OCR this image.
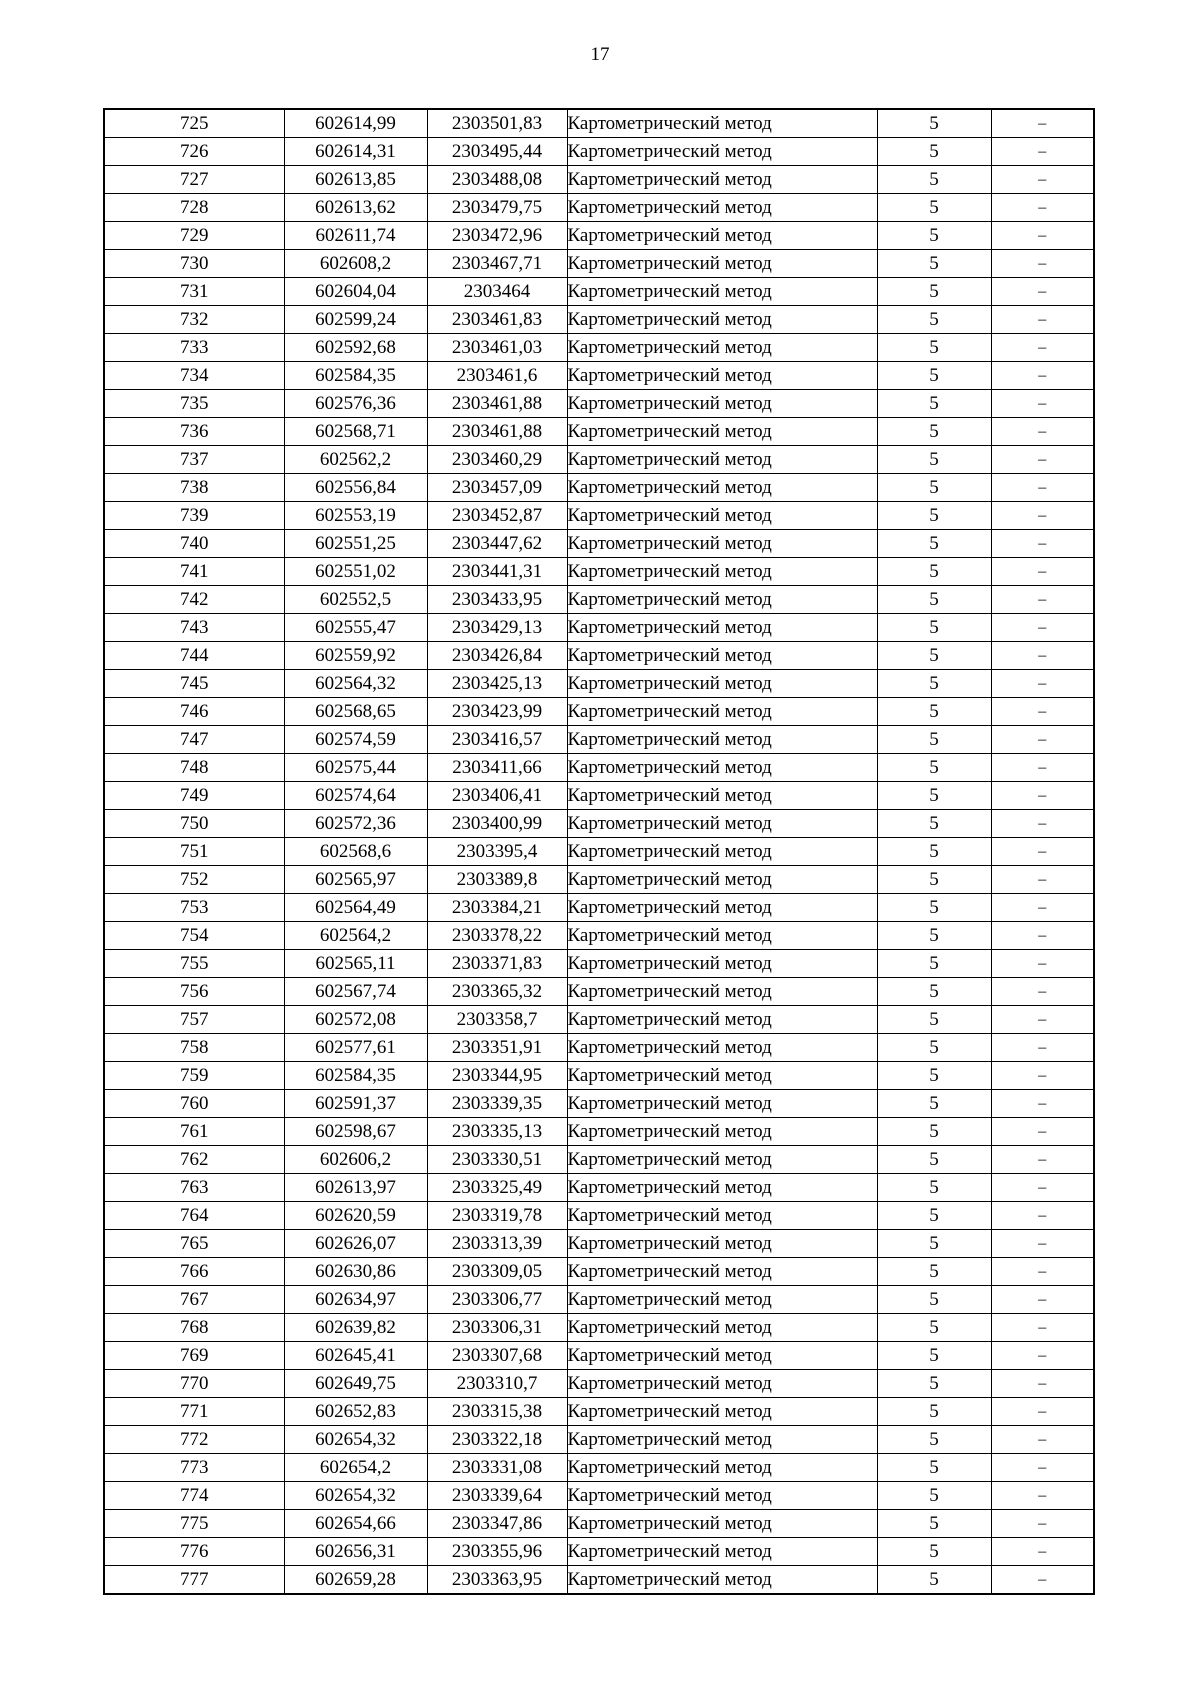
17
725	602614,99	2303501,83	Картометрический метод	5	–
726	602614,31	2303495,44	Картометрический метод	5	–
727	602613,85	2303488,08	Картометрический метод	5	–
728	602613,62	2303479,75	Картометрический метод	5	–
729	602611,74	2303472,96	Картометрический метод	5	–
730	602608,2	2303467,71	Картометрический метод	5	–
731	602604,04	2303464	Картометрический метод	5	–
732	602599,24	2303461,83	Картометрический метод	5	–
733	602592,68	2303461,03	Картометрический метод	5	–
734	602584,35	2303461,6	Картометрический метод	5	–
735	602576,36	2303461,88	Картометрический метод	5	–
736	602568,71	2303461,88	Картометрический метод	5	–
737	602562,2	2303460,29	Картометрический метод	5	–
738	602556,84	2303457,09	Картометрический метод	5	–
739	602553,19	2303452,87	Картометрический метод	5	–
740	602551,25	2303447,62	Картометрический метод	5	–
741	602551,02	2303441,31	Картометрический метод	5	–
742	602552,5	2303433,95	Картометрический метод	5	–
743	602555,47	2303429,13	Картометрический метод	5	–
744	602559,92	2303426,84	Картометрический метод	5	–
745	602564,32	2303425,13	Картометрический метод	5	–
746	602568,65	2303423,99	Картометрический метод	5	–
747	602574,59	2303416,57	Картометрический метод	5	–
748	602575,44	2303411,66	Картометрический метод	5	–
749	602574,64	2303406,41	Картометрический метод	5	–
750	602572,36	2303400,99	Картометрический метод	5	–
751	602568,6	2303395,4	Картометрический метод	5	–
752	602565,97	2303389,8	Картометрический метод	5	–
753	602564,49	2303384,21	Картометрический метод	5	–
754	602564,2	2303378,22	Картометрический метод	5	–
755	602565,11	2303371,83	Картометрический метод	5	–
756	602567,74	2303365,32	Картометрический метод	5	–
757	602572,08	2303358,7	Картометрический метод	5	–
758	602577,61	2303351,91	Картометрический метод	5	–
759	602584,35	2303344,95	Картометрический метод	5	–
760	602591,37	2303339,35	Картометрический метод	5	–
761	602598,67	2303335,13	Картометрический метод	5	–
762	602606,2	2303330,51	Картометрический метод	5	–
763	602613,97	2303325,49	Картометрический метод	5	–
764	602620,59	2303319,78	Картометрический метод	5	–
765	602626,07	2303313,39	Картометрический метод	5	–
766	602630,86	2303309,05	Картометрический метод	5	–
767	602634,97	2303306,77	Картометрический метод	5	–
768	602639,82	2303306,31	Картометрический метод	5	–
769	602645,41	2303307,68	Картометрический метод	5	–
770	602649,75	2303310,7	Картометрический метод	5	–
771	602652,83	2303315,38	Картометрический метод	5	–
772	602654,32	2303322,18	Картометрический метод	5	–
773	602654,2	2303331,08	Картометрический метод	5	–
774	602654,32	2303339,64	Картометрический метод	5	–
775	602654,66	2303347,86	Картометрический метод	5	–
776	602656,31	2303355,96	Картометрический метод	5	–
777	602659,28	2303363,95	Картометрический метод	5	–
